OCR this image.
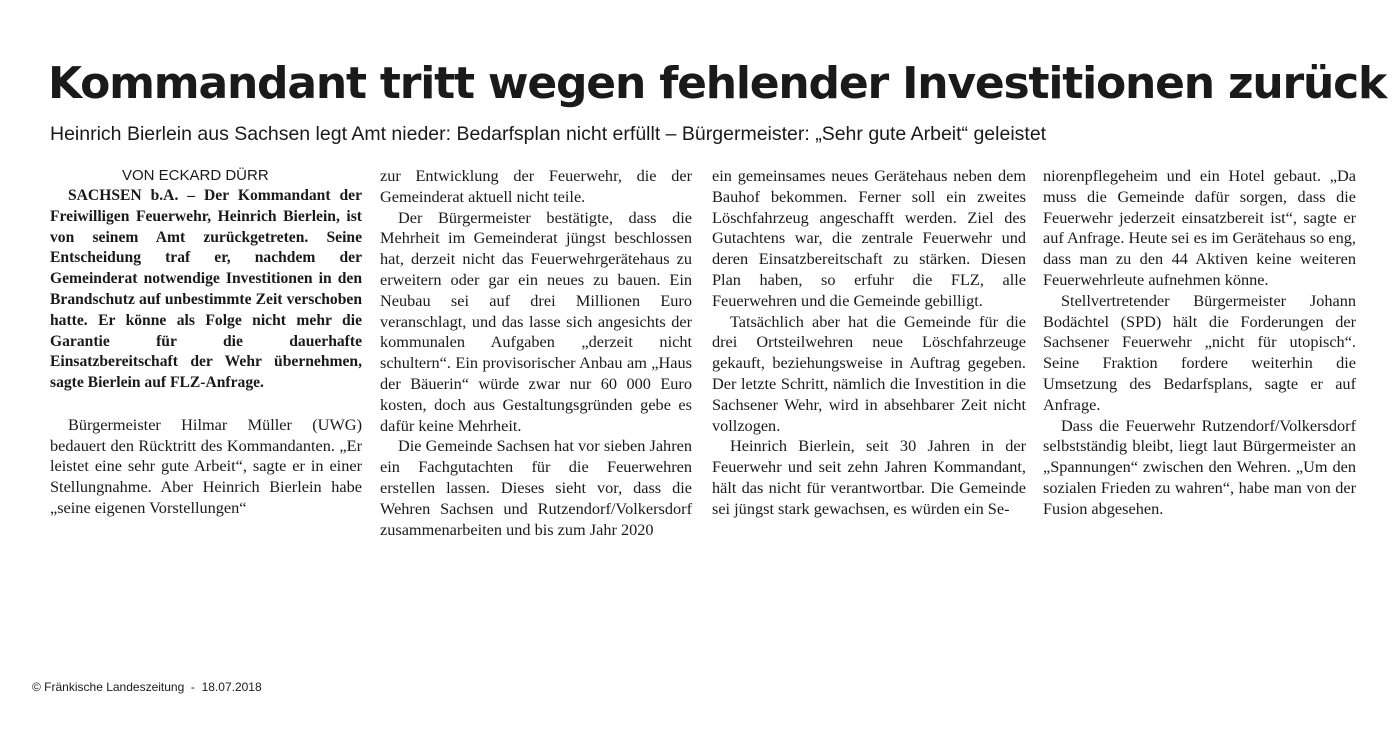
Kommandant tritt wegen fehlender Investitionen zurück
Heinrich Bierlein aus Sachsen legt Amt nieder: Bedarfsplan nicht erfüllt – Bürgermeister: „Sehr gute Arbeit“ geleistet

VON ECKARD DÜRR

SACHSEN b.A. – Der Kommandant der Freiwilligen Feuerwehr, Heinrich Bierlein, ist von seinem Amt zurückgetreten. Seine Entscheidung traf er, nachdem der Gemeinderat notwendige Investitionen in den Brandschutz auf unbestimmte Zeit verschoben hatte. Er könne als Folge nicht mehr die Garantie für die dauerhafte Einsatzbereitschaft der Wehr übernehmen, sagte Bierlein auf FLZ-Anfrage.

Bürgermeister Hilmar Müller (UWG) bedauert den Rücktritt des Kommandanten. „Er leistet eine sehr gute Arbeit“, sagte er in einer Stellungnahme. Aber Heinrich Bierlein habe „seine eigenen Vorstellungen“

zur Entwicklung der Feuerwehr, die der Gemeinderat aktuell nicht teile.

Der Bürgermeister bestätigte, dass die Mehrheit im Gemeinderat jüngst beschlossen hat, derzeit nicht das Feuerwehrgerätehaus zu erweitern oder gar ein neues zu bauen. Ein Neubau sei auf drei Millionen Euro veranschlagt, und das lasse sich angesichts der kommunalen Aufgaben „derzeit nicht schultern“. Ein provisorischer Anbau am „Haus der Bäuerin“ würde zwar nur 60 000 Euro kosten, doch aus Gestaltungsgründen gebe es dafür keine Mehrheit.

Die Gemeinde Sachsen hat vor sieben Jahren ein Fachgutachten für die Feuerwehren erstellen lassen. Dieses sieht vor, dass die Wehren Sachsen und Rutzendorf/Volkersdorf zusammenarbeiten und bis zum Jahr 2020

ein gemeinsames neues Gerätehaus neben dem Bauhof bekommen. Ferner soll ein zweites Löschfahrzeug angeschafft werden. Ziel des Gutachtens war, die zentrale Feuerwehr und deren Einsatzbereitschaft zu stärken. Diesen Plan haben, so erfuhr die FLZ, alle Feuerwehren und die Gemeinde gebilligt.

Tatsächlich aber hat die Gemeinde für die drei Ortsteilwehren neue Löschfahrzeuge gekauft, beziehungsweise in Auftrag gegeben. Der letzte Schritt, nämlich die Investition in die Sachsener Wehr, wird in absehbarer Zeit nicht vollzogen.

Heinrich Bierlein, seit 30 Jahren in der Feuerwehr und seit zehn Jahren Kommandant, hält das nicht für verantwortbar. Die Gemeinde sei jüngst stark gewachsen, es würden ein Se-

niorenpflegeheim und ein Hotel gebaut. „Da muss die Gemeinde dafür sorgen, dass die Feuerwehr jederzeit einsatzbereit ist“, sagte er auf Anfrage. Heute sei es im Gerätehaus so eng, dass man zu den 44 Aktiven keine weiteren Feuerwehrleute aufnehmen könne.

Stellvertretender Bürgermeister Johann Bodächtel (SPD) hält die Forderungen der Sachsener Feuerwehr „nicht für utopisch“. Seine Fraktion fordere weiterhin die Umsetzung des Bedarfsplans, sagte er auf Anfrage.

Dass die Feuerwehr Rutzendorf/Volkersdorf selbstständig bleibt, liegt laut Bürgermeister an „Spannungen“ zwischen den Wehren. „Um den sozialen Frieden zu wahren“, habe man von der Fusion abgesehen.

© Fränkische Landeszeitung  -  18.07.2018
